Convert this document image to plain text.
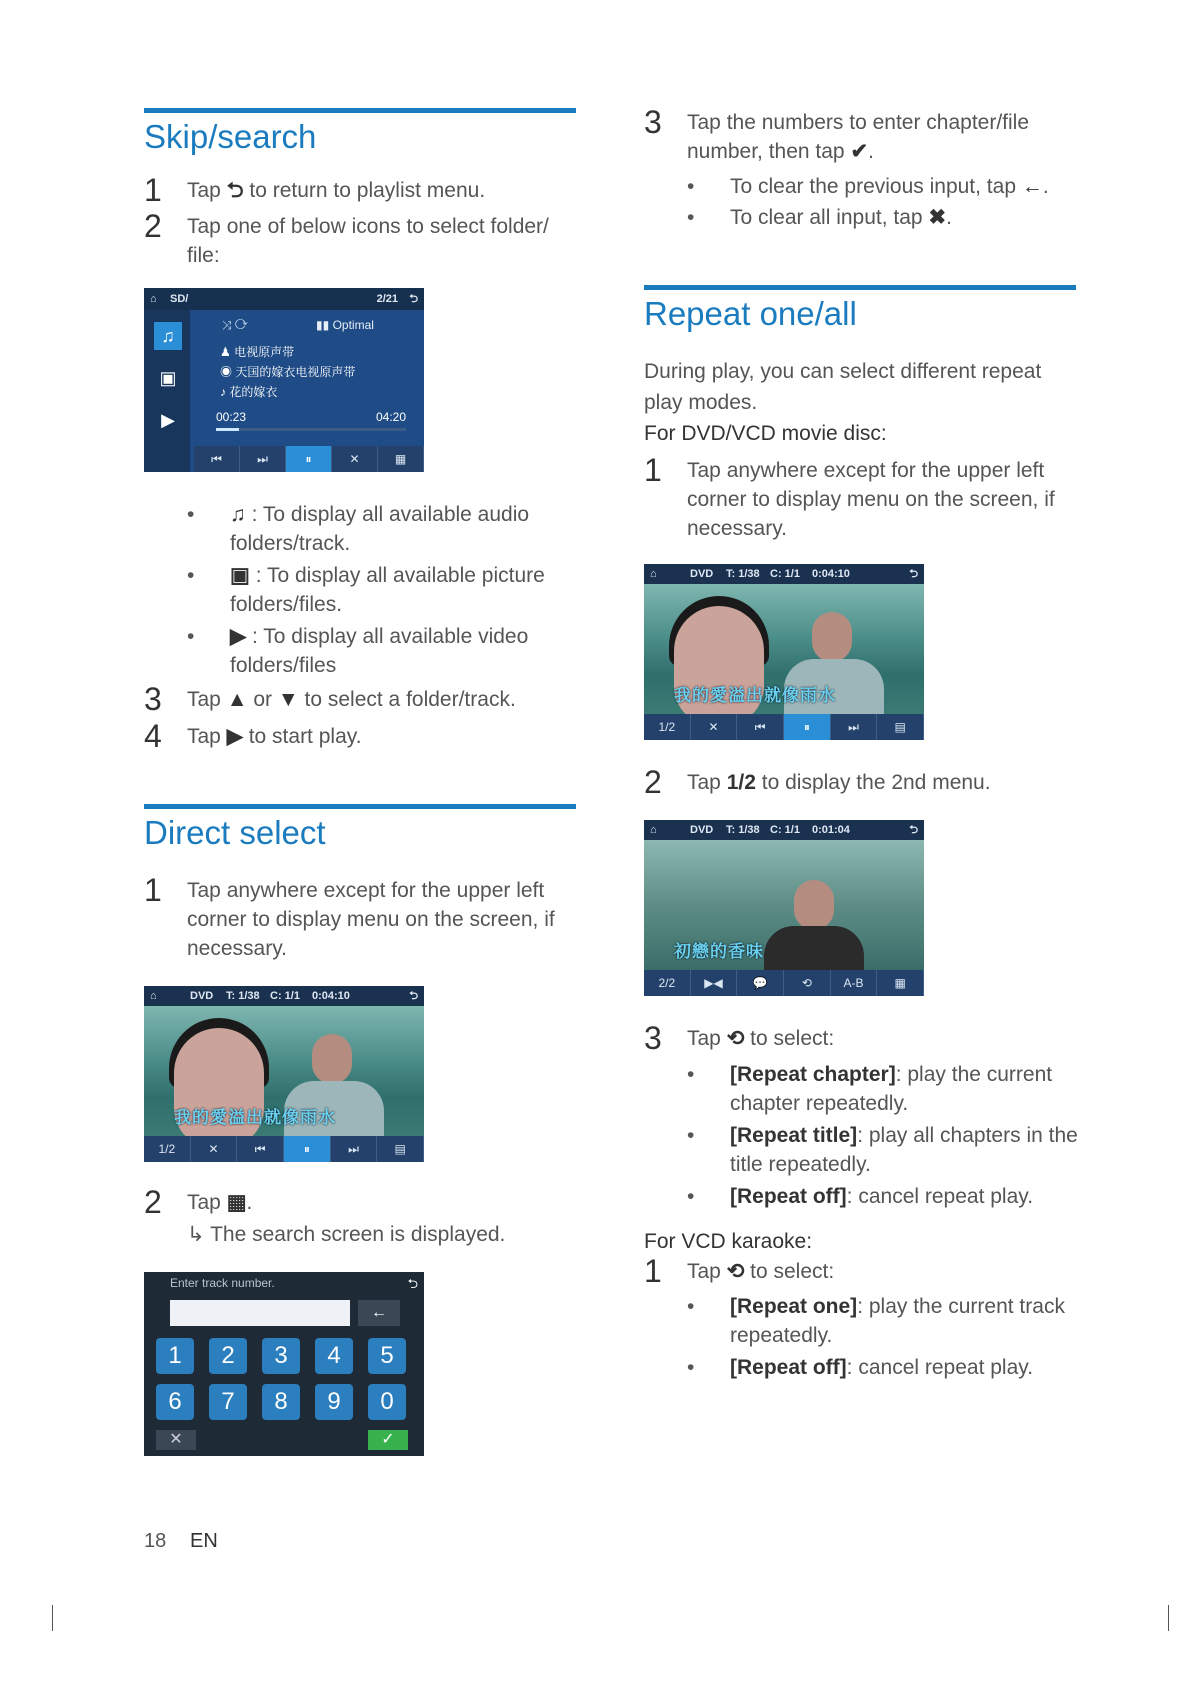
Skip/search
1 Tap ⮌ to return to playlist menu.
2 Tap one of below icons to select folder/ file:
⌂ SD/	2/21 ⮌
♫
▣
▶
⤨ ⟳	▮▮ Optimal
♟ 电视原声带
◉ 天国的嫁衣电视原声带
♪ 花的嫁衣
00:23	04:20
⏮	⏭	⏸	✕	▦
• ♫ : To display all available audio folders/track.
• ▣ : To display all available picture folders/files.
• ▶ : To display all available video folders/files
3 Tap ▲ or ▼ to select a folder/track.
4 Tap ▶ to start play.
Direct select
1 Tap anywhere except for the upper left corner to display menu on the screen, if necessary.
⌂	DVD T: 1/38 C: 1/1 0:04:10	⮌
我的愛溢出就像雨水
1/2	✕	⏮	⏸	⏭	▤
2 Tap ▦.
↳ The search screen is displayed.
Enter track number.	⮌
←
1	2	3	4	5
6	7	8	9	0
✕	✓
18 EN
3 Tap the numbers to enter chapter/file number, then tap ✔.
• To clear the previous input, tap ←.
• To clear all input, tap ✖.
Repeat one/all
During play, you can select different repeat play modes.
For DVD/VCD movie disc:
1 Tap anywhere except for the upper left corner to display menu on the screen, if necessary.
⌂	DVD T: 1/38 C: 1/1 0:04:10	⮌
我的愛溢出就像雨水
1/2	✕	⏮	⏸	⏭	▤
2 Tap 1/2 to display the 2nd menu.
⌂	DVD T: 1/38 C: 1/1 0:01:04	⮌
初戀的香味
2/2	▶◀	💬	⟲	A-B	▦
3 Tap ⟲ to select:
• [Repeat chapter]: play the current chapter repeatedly.
• [Repeat title]: play all chapters in the title repeatedly.
• [Repeat off]: cancel repeat play.
For VCD karaoke:
1 Tap ⟲ to select:
• [Repeat one]: play the current track repeatedly.
• [Repeat off]: cancel repeat play.
